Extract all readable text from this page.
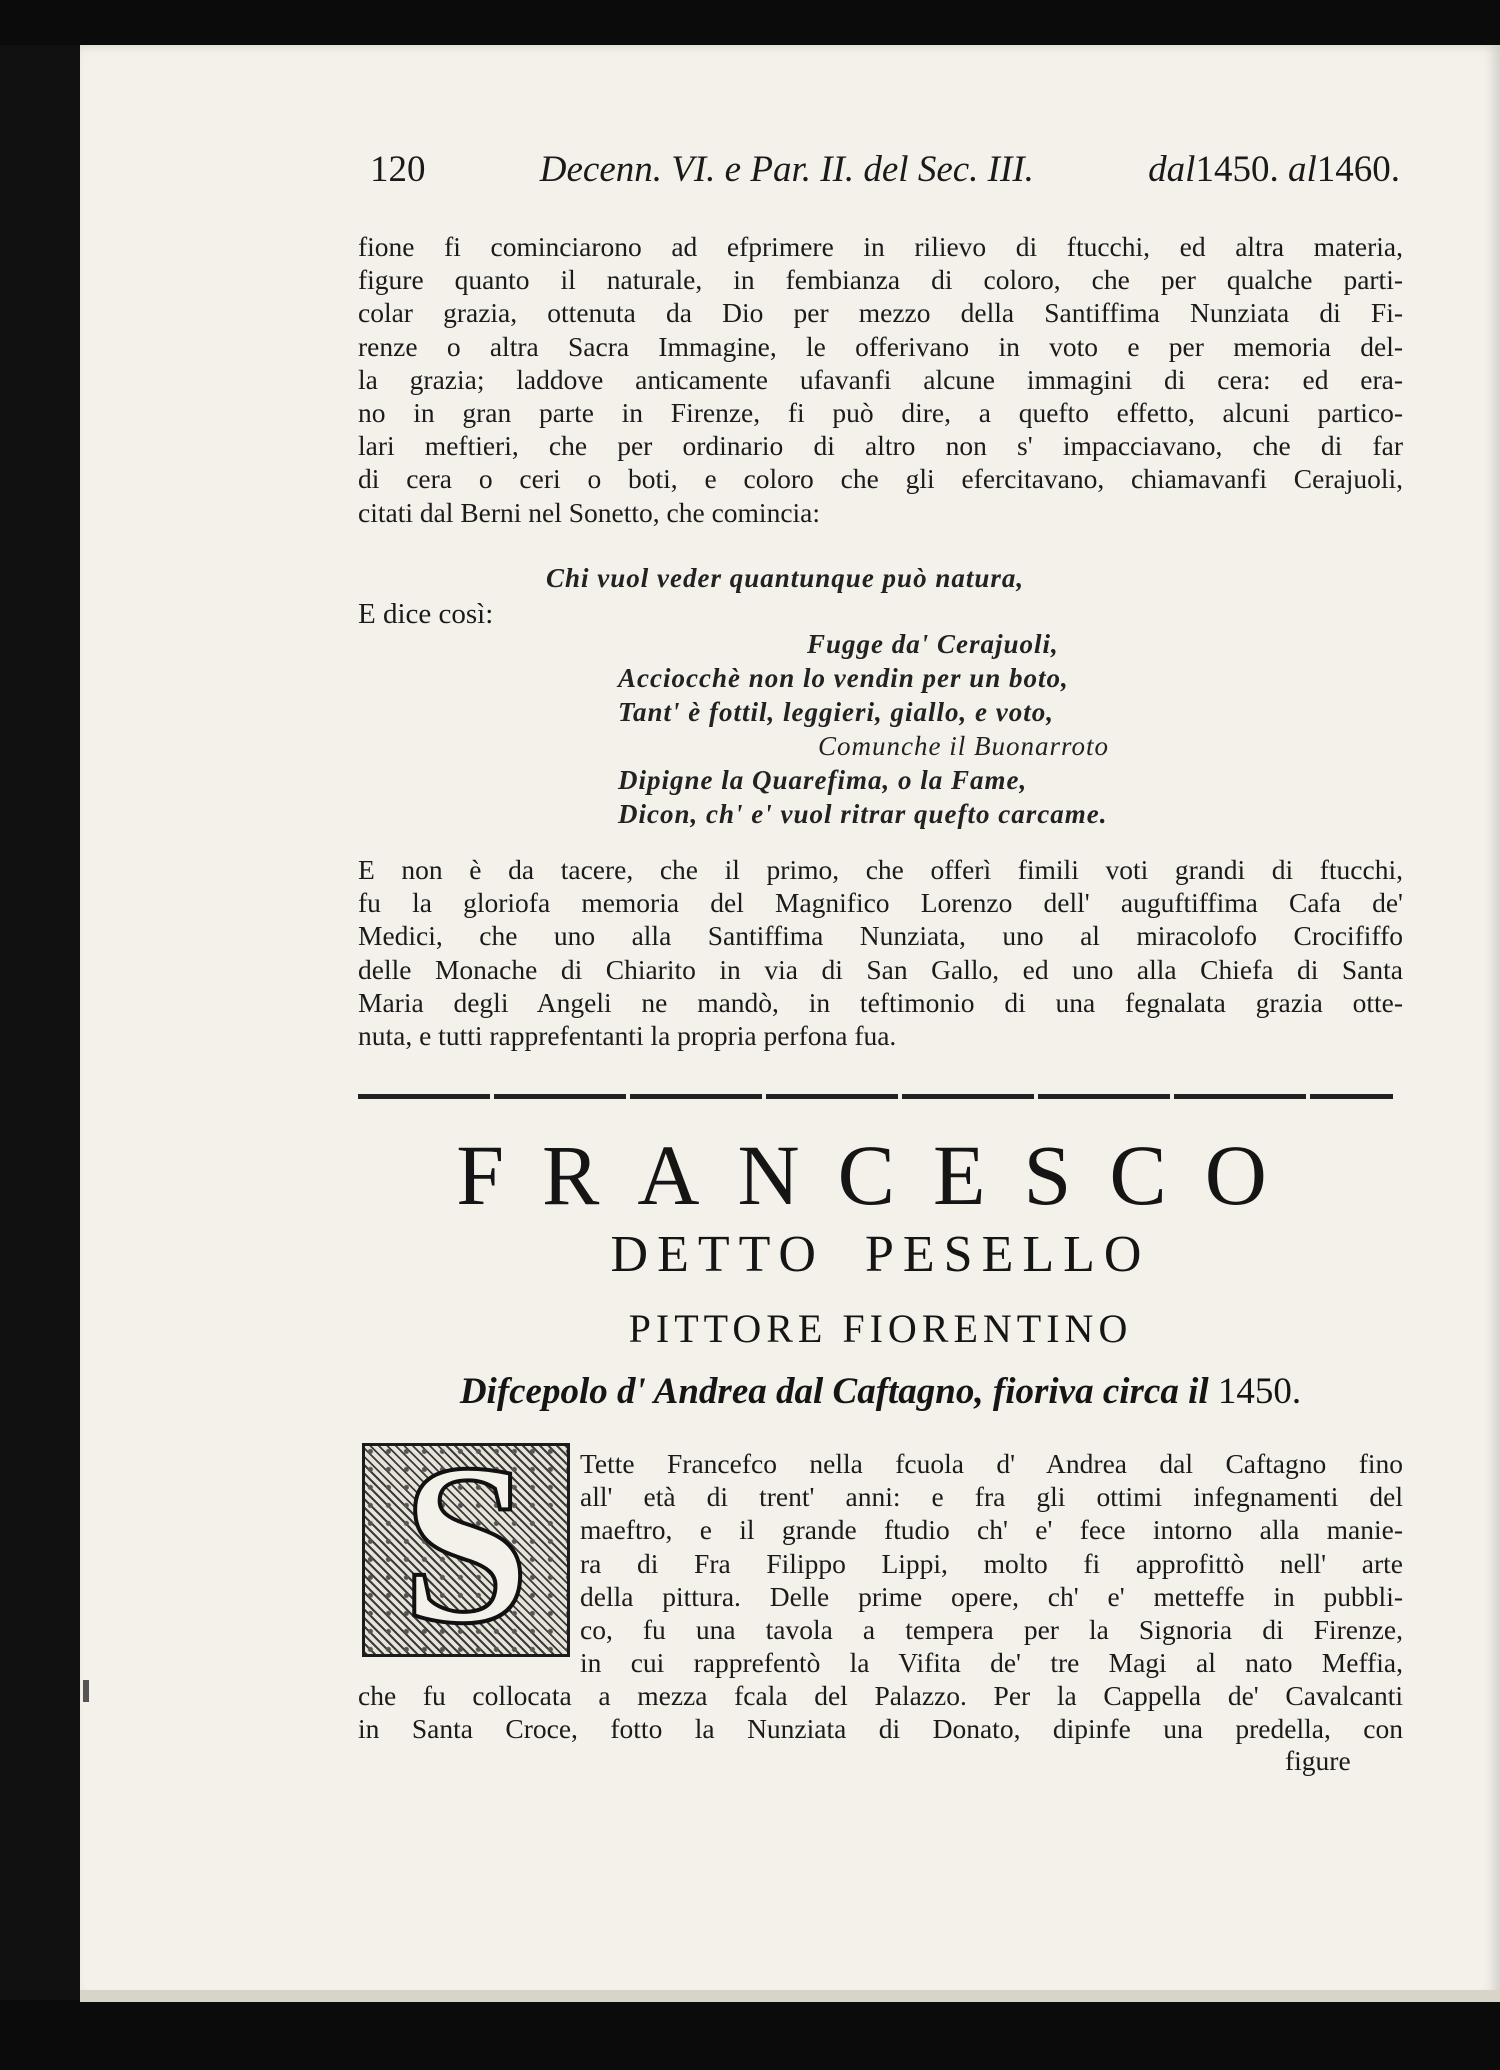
120	Decenn. VI. e Par. II. del Sec. III.	dal1450. al1460.
fione fi cominciarono ad efprimere in rilievo di ftucchi, ed altra materia,
figure quanto il naturale, in fembianza di coloro, che per qualche parti-
colar grazia, ottenuta da Dio per mezzo della Santiffima Nunziata di Fi-
renze o altra Sacra Immagine, le offerivano in voto e per memoria del-
la grazia; laddove anticamente ufavanfi alcune immagini di cera: ed era-
no in gran parte in Firenze, fi può dire, a quefto effetto, alcuni partico-
lari meftieri, che per ordinario di altro non s' impacciavano, che di far
di cera o ceri o boti, e coloro che gli efercitavano, chiamavanfi Cerajuoli,
citati dal Berni nel Sonetto, che comincia:
Chi vuol veder quantunque può natura,
E dice così:
Fugge da' Cerajuoli,
Acciocchè non lo vendin per un boto,
Tant' è fottil, leggieri, giallo, e voto,
Comunche il Buonarroto
Dipigne la Quarefima, o la Fame,
Dicon, ch' e' vuol ritrar quefto carcame.
E non è da tacere, che il primo, che offerì fimili voti grandi di ftucchi,
fu la gloriofa memoria del Magnifico Lorenzo dell' auguftiffima Cafa de'
Medici, che uno alla Santiffima Nunziata, uno al miracolofo Crocififfo
delle Monache di Chiarito in via di San Gallo, ed uno alla Chiefa di Santa
Maria degli Angeli ne mandò, in teftimonio di una fegnalata grazia otte-
nuta, e tutti rapprefentanti la propria perfona fua.
FRANCESCO
DETTO PESELLO
PITTORE FIORENTINO
Difcepolo d' Andrea dal Caftagno, fioriva circa il 1450.
S Tette Francefco nella fcuola d' Andrea dal Caftagno fino
all' età di trent' anni: e fra gli ottimi infegnamenti del
maeftro, e il grande ftudio ch' e' fece intorno alla manie-
ra di Fra Filippo Lippi, molto fi approfittò nell' arte
della pittura. Delle prime opere, ch' e' metteffe in pubbli-
co, fu una tavola a tempera per la Signoria di Firenze,
in cui rapprefentò la Vifita de' tre Magi al nato Meffia,
che fu collocata a mezza fcala del Palazzo. Per la Cappella de' Cavalcanti
in Santa Croce, fotto la Nunziata di Donato, dipinfe una predella, con
figure
